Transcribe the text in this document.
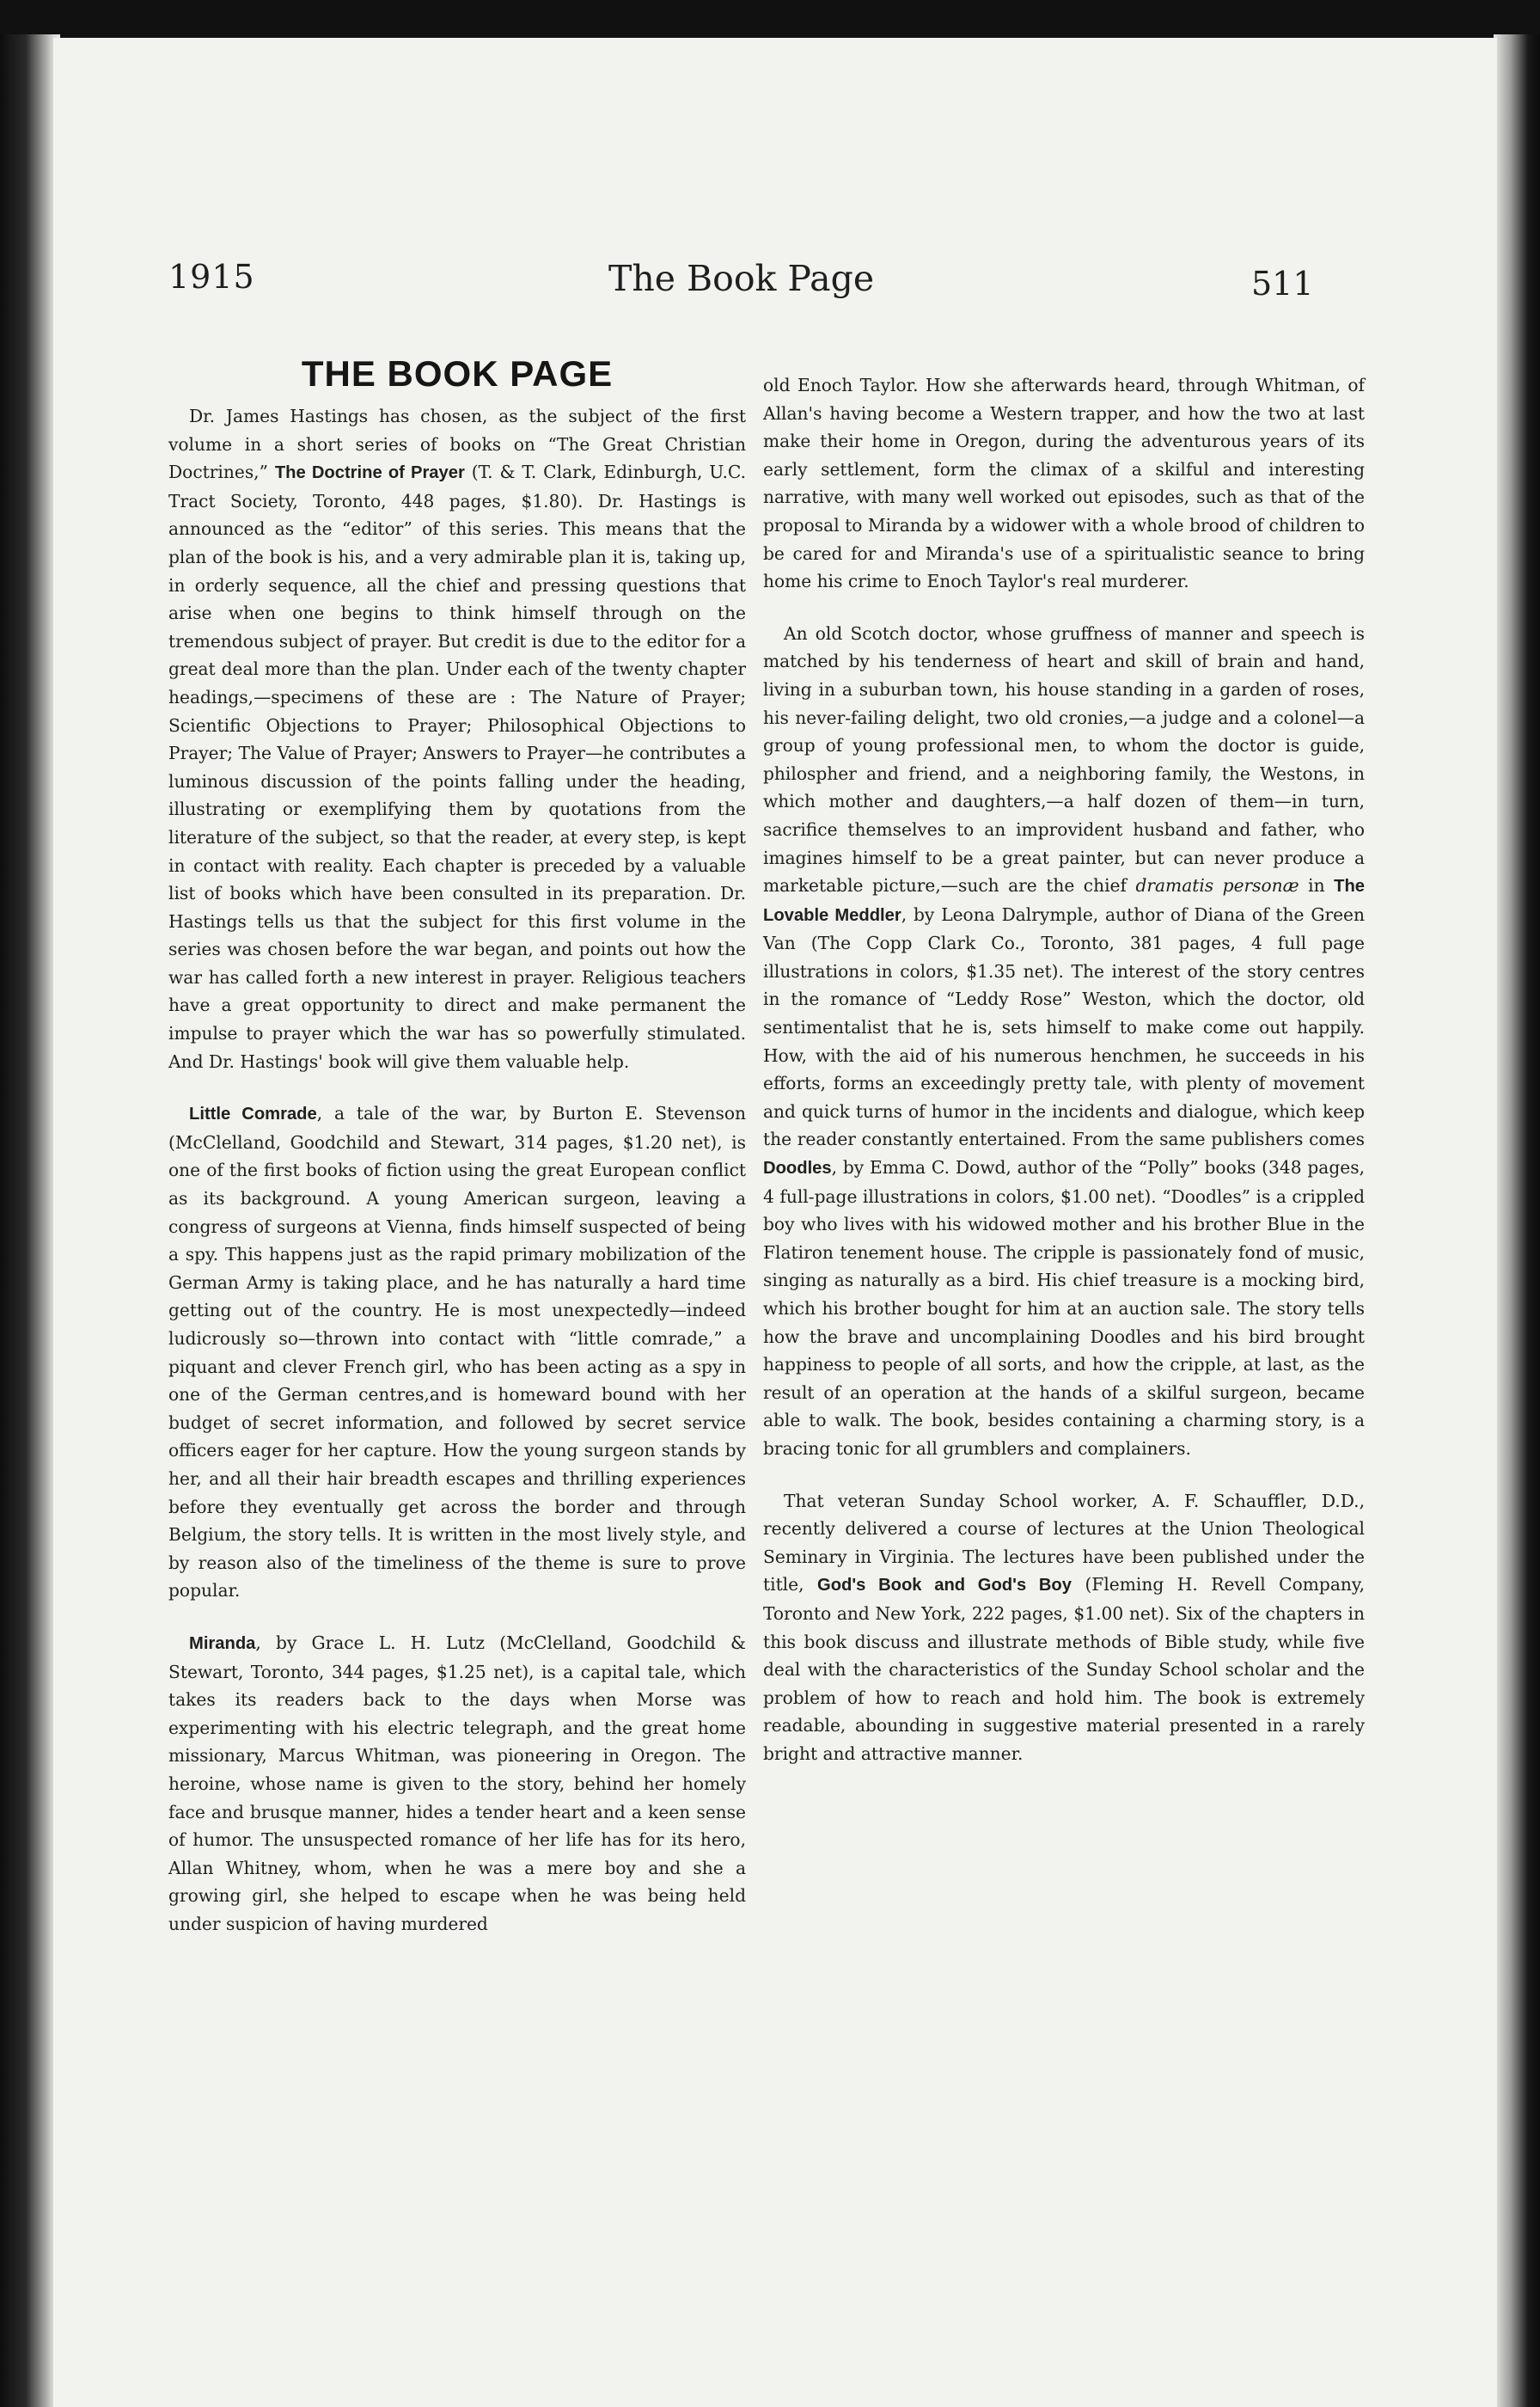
1915	The Book Page	511
THE BOOK PAGE

Dr. James Hastings has chosen, as the subject of the first volume in a short series of books on “The Great Christian Doctrines,” The Doctrine of Prayer (T. & T. Clark, Edinburgh, U.C. Tract Society, Toronto, 448 pages, $1.80). Dr. Hastings is announced as the “editor” of this series. This means that the plan of the book is his, and a very admirable plan it is, taking up, in orderly sequence, all the chief and pressing questions that arise when one begins to think himself through on the tremendous subject of prayer. But credit is due to the editor for a great deal more than the plan. Under each of the twenty chapter headings,—specimens of these are : The Nature of Prayer; Scientific Objections to Prayer; Philosophical Objections to Prayer; The Value of Prayer; Answers to Prayer—he contributes a luminous discussion of the points falling under the heading, illustrating or exemplifying them by quotations from the literature of the subject, so that the reader, at every step, is kept in contact with reality. Each chapter is preceded by a valuable list of books which have been consulted in its preparation. Dr. Hastings tells us that the subject for this first volume in the series was chosen before the war began, and points out how the war has called forth a new interest in prayer. Religious teachers have a great opportunity to direct and make permanent the impulse to prayer which the war has so powerfully stimulated. And Dr. Hastings' book will give them valuable help.

Little Comrade, a tale of the war, by Burton E. Stevenson (McClelland, Goodchild and Stewart, 314 pages, $1.20 net), is one of the first books of fiction using the great European conflict as its background. A young American surgeon, leaving a congress of surgeons at Vienna, finds himself suspected of being a spy. This happens just as the rapid primary mobilization of the German Army is taking place, and he has naturally a hard time getting out of the country. He is most unexpectedly—indeed ludicrously so—thrown into contact with “little comrade,” a piquant and clever French girl, who has been acting as a spy in one of the German centres,and is homeward bound with her budget of secret information, and followed by secret service officers eager for her capture. How the young surgeon stands by her, and all their hair breadth escapes and thrilling experiences before they eventually get across the border and through Belgium, the story tells. It is written in the most lively style, and by reason also of the timeliness of the theme is sure to prove popular.

Miranda, by Grace L. H. Lutz (McClelland, Goodchild & Stewart, Toronto, 344 pages, $1.25 net), is a capital tale, which takes its readers back to the days when Morse was experimenting with his electric telegraph, and the great home missionary, Marcus Whitman, was pioneering in Oregon. The heroine, whose name is given to the story, behind her homely face and brusque manner, hides a tender heart and a keen sense of humor. The unsuspected romance of her life has for its hero, Allan Whitney, whom, when he was a mere boy and she a growing girl, she helped to escape when he was being held under suspicion of having murdered

old Enoch Taylor. How she afterwards heard, through Whitman, of Allan's having become a Western trapper, and how the two at last make their home in Oregon, during the adventurous years of its early settlement, form the climax of a skilful and interesting narrative, with many well worked out episodes, such as that of the proposal to Miranda by a widower with a whole brood of children to be cared for and Miranda's use of a spiritualistic seance to bring home his crime to Enoch Taylor's real murderer.

An old Scotch doctor, whose gruffness of manner and speech is matched by his tenderness of heart and skill of brain and hand, living in a suburban town, his house standing in a garden of roses, his never-failing delight, two old cronies,—a judge and a colonel—a group of young professional men, to whom the doctor is guide, philospher and friend, and a neighboring family, the Westons, in which mother and daughters,—a half dozen of them—in turn, sacrifice themselves to an improvident husband and father, who imagines himself to be a great painter, but can never produce a marketable picture,—such are the chief dramatis personæ in The Lovable Meddler, by Leona Dalrymple, author of Diana of the Green Van (The Copp Clark Co., Toronto, 381 pages, 4 full page illustrations in colors, $1.35 net). The interest of the story centres in the romance of “Leddy Rose” Weston, which the doctor, old sentimentalist that he is, sets himself to make come out happily. How, with the aid of his numerous henchmen, he succeeds in his efforts, forms an exceedingly pretty tale, with plenty of movement and quick turns of humor in the incidents and dialogue, which keep the reader constantly entertained. From the same publishers comes Doodles, by Emma C. Dowd, author of the “Polly” books (348 pages, 4 full-page illustrations in colors, $1.00 net). “Doodles” is a crippled boy who lives with his widowed mother and his brother Blue in the Flatiron tenement house. The cripple is passionately fond of music, singing as naturally as a bird. His chief treasure is a mocking bird, which his brother bought for him at an auction sale. The story tells how the brave and uncomplaining Doodles and his bird brought happiness to people of all sorts, and how the cripple, at last, as the result of an operation at the hands of a skilful surgeon, became able to walk. The book, besides containing a charming story, is a bracing tonic for all grumblers and complainers.

That veteran Sunday School worker, A. F. Schauffler, D.D., recently delivered a course of lectures at the Union Theological Seminary in Virginia. The lectures have been published under the title, God's Book and God's Boy (Fleming H. Revell Company, Toronto and New York, 222 pages, $1.00 net). Six of the chapters in this book discuss and illustrate methods of Bible study, while five deal with the characteristics of the Sunday School scholar and the problem of how to reach and hold him. The book is extremely readable, abounding in suggestive material presented in a rarely bright and attractive manner.
